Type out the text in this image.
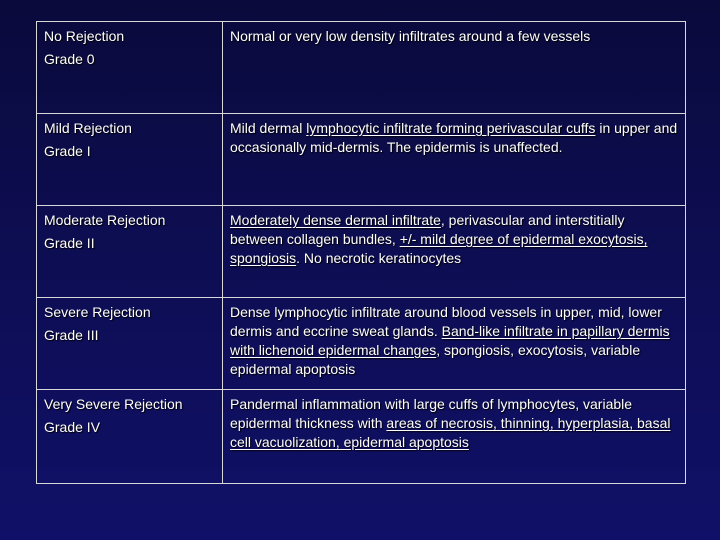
No Rejection
Grade 0	Normal or very low density infiltrates around a few vessels

Mild Rejection
Grade I	Mild dermal lymphocytic infiltrate forming perivascular cuffs in upper and occasionally mid-dermis. The epidermis is unaffected.

Moderate Rejection
Grade II	Moderately dense dermal infiltrate, perivascular and interstitially between collagen bundles, +/- mild degree of epidermal exocytosis, spongiosis. No necrotic keratinocytes

Severe Rejection
Grade III	Dense lymphocytic infiltrate around blood vessels in upper, mid, lower dermis and eccrine sweat glands. Band-like infiltrate in papillary dermis with lichenoid epidermal changes, spongiosis, exocytosis, variable epidermal apoptosis

Very Severe Rejection
Grade IV	Pandermal inflammation with large cuffs of lymphocytes, variable epidermal thickness with areas of necrosis, thinning, hyperplasia, basal cell vacuolization, epidermal apoptosis
